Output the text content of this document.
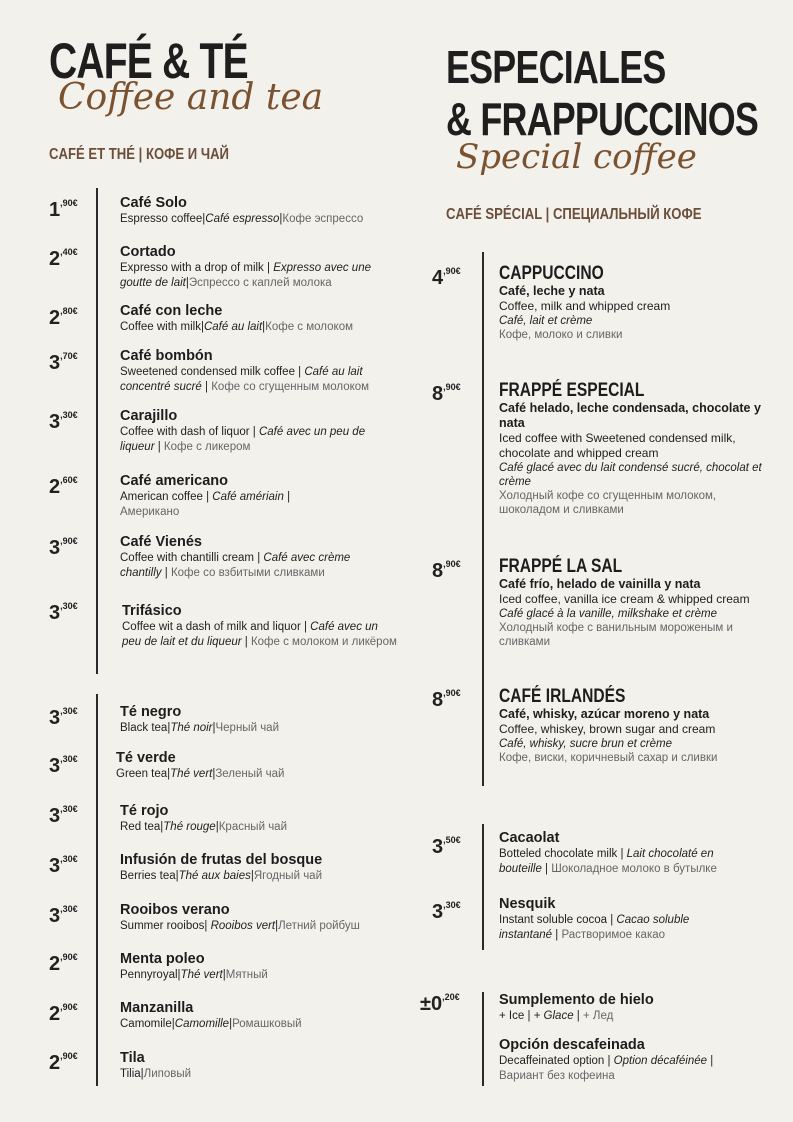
CAFÉ & TÉ
Coffee and tea
CAFÉ ET THÉ | КОФЕ И ЧАЙ
ESPECIALES
& FRAPPUCCINOS
Special coffee
CAFÉ SPÉCIAL | СПЕЦИАЛЬНЫЙ КОФЕ
$1^{,90€}$	Café Solo
Espresso coffee|Café espresso|Кофе эспрессо
$2^{,40€}$	Cortado
Expresso with a drop of milk | Expresso avec une goutte de lait|Эспрессо с каплей молока
$2^{,80€}$	Café con leche
Coffee with milk|Café au lait|Кофе с молоком
$3^{,70€}$	Café bombón
Sweetened condensed milk coffee | Café au lait concentré sucré | Кофе со сгущенным молоком
$3^{,30€}$	Carajillo
Coffee with dash of liquor | Café avec un peu de liqueur | Кофе с ликером
$2^{,60€}$	Café americano
American coffee | Café amériain | Американо
$3^{,90€}$	Café Vienés
Coffee with chantilli cream | Café avec crème chantilly | Кофе со взбитыми сливками
$3^{,30€}$	Trifásico
Coffee wit a dash of milk and liquor | Café avec un peu de lait et du liqueur | Кофе с молоком и ликёром
$3^{,30€}$	Té negro
Black tea|Thé noir|Черный чай
$3^{,30€}$	Té verde
Green tea|Thé vert|Зеленый чай
$3^{,30€}$	Té rojo
Red tea|Thé rouge|Красный чай
$3^{,30€}$	Infusión de frutas del bosque
Berries tea|Thé aux baies|Ягодный чай
$3^{,30€}$	Rooibos verano
Summer rooibos| Rooibos vert|Летний ройбуш
$2^{,90€}$	Menta poleo
Pennyroyal|Thé vert|Мятный
$2^{,90€}$	Manzanilla
Camomile|Camomille|Ромашковый
$2^{,90€}$	Tila
Tilia|Липовый
$4^{,90€}$ CAPPUCCINO
Café, leche y nata
Coffee, milk and whipped cream
Café, lait et crème
Кофе, молоко и сливки
$8^{,90€}$ FRAPPÉ ESPECIAL
Café helado, leche condensada, chocolate y nata
Iced coffee with Sweetened condensed milk, chocolate and whipped cream
Café glacé avec du lait condensé sucré, chocolat et crème
Холодный кофе со сгущенным молоком, шоколадом и сливками
$8^{,90€}$ FRAPPÉ LA SAL
Café frío, helado de vainilla y nata
Iced coffee, vanilla ice cream & whipped cream
Café glacé à la vanille, milkshake et crème
Холодный кофе с ванильным мороженым и сливками
$8^{,90€}$ CAFÉ IRLANDÉS
Café, whisky, azúcar moreno y nata
Coffee, whiskey, brown sugar and cream
Café, whisky, sucre brun et crème
Кофе, виски, коричневый сахар и сливки
$3^{,50€}$	Cacaolat
Botteled chocolate milk | Lait chocolaté en bouteille | Шоколадное молоко в бутылке
$3^{,30€}$	Nesquik
Instant soluble cocoa | Cacao soluble instantané | Растворимое какао
$\pm 0^{,20€}$	Sumplemento de hielo
+ Ice | + Glace | + Лед
Opción descafeinada
Decaffeinated option | Option décaféinée | Вариант без кофеина
